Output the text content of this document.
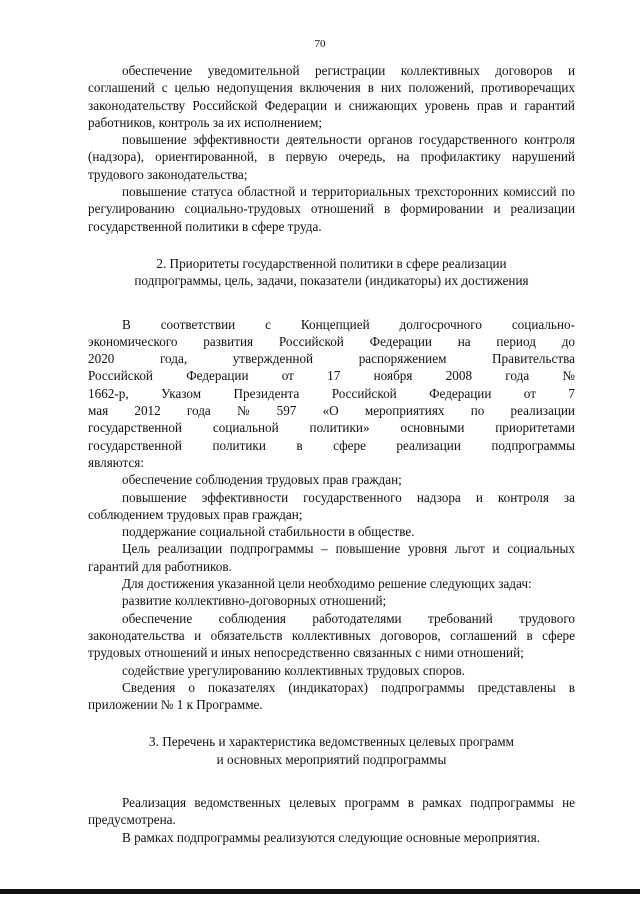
70

обеспечение уведомительной регистрации коллективных договоров и соглашений с целью недопущения включения в них положений, противоречащих законодательству Российской Федерации и снижающих уровень прав и гарантий работников, контроль за их исполнением;

повышение эффективности деятельности органов государственного контроля (надзора), ориентированной, в первую очередь, на профилактику нарушений трудового законодательства;

повышение статуса областной и территориальных трехсторонних комиссий по регулированию социально-трудовых отношений в формировании и реализации государственной политики в сфере труда.

2. Приоритеты государственной политики в сфере реализации
подпрограммы, цель, задачи, показатели (индикаторы) их достижения

В соответствии с Концепцией долгосрочного социально-экономического развития Российской Федерации на период до 2020 года, утвержденной распоряжением Правительства Российской Федерации от 17 ноября 2008 года № 1662-р, Указом Президента Российской Федерации от 7 мая 2012 года № 597 «О мероприятиях по реализации государственной социальной политики» основными приоритетами государственной политики в сфере реализации подпрограммы являются:

обеспечение соблюдения трудовых прав граждан;

повышение эффективности государственного надзора и контроля за соблюдением трудовых прав граждан;

поддержание социальной стабильности в обществе.

Цель реализации подпрограммы – повышение уровня льгот и социальных гарантий для работников.

Для достижения указанной цели необходимо решение следующих задач:

развитие коллективно-договорных отношений;

обеспечение соблюдения работодателями требований трудового законодательства и обязательств коллективных договоров, соглашений в сфере трудовых отношений и иных непосредственно связанных с ними отношений;

содействие урегулированию коллективных трудовых споров.

Сведения о показателях (индикаторах) подпрограммы представлены в приложении № 1 к Программе.

3. Перечень и характеристика ведомственных целевых программ
и основных мероприятий подпрограммы

Реализация ведомственных целевых программ в рамках подпрограммы не предусмотрена.

В рамках подпрограммы реализуются следующие основные мероприятия.
